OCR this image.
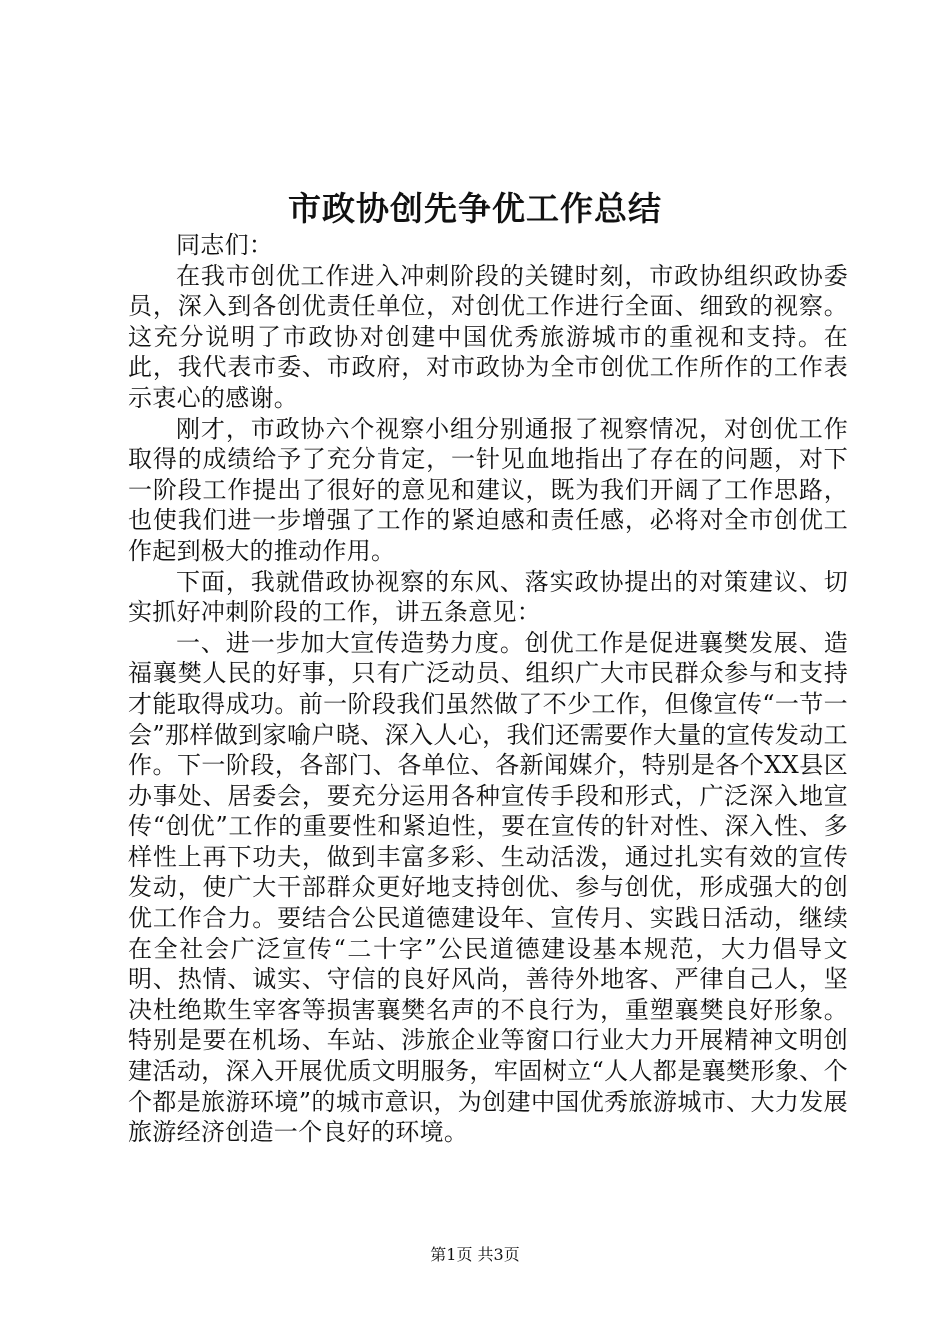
市政协创先争优工作总结

同志们：

在我市创优工作进入冲刺阶段的关键时刻，市政协组织政协委员，深入到各创优责任单位，对创优工作进行全面、细致的视察。这充分说明了市政协对创建中国优秀旅游城市的重视和支持。在此，我代表市委、市政府，对市政协为全市创优工作所作的工作表示衷心的感谢。

刚才，市政协六个视察小组分别通报了视察情况，对创优工作取得的成绩给予了充分肯定，一针见血地指出了存在的问题，对下一阶段工作提出了很好的意见和建议，既为我们开阔了工作思路，也使我们进一步增强了工作的紧迫感和责任感，必将对全市创优工作起到极大的推动作用。

下面，我就借政协视察的东风、落实政协提出的对策建议、切实抓好冲刺阶段的工作，讲五条意见：

一、进一步加大宣传造势力度。创优工作是促进襄樊发展、造福襄樊人民的好事，只有广泛动员、组织广大市民群众参与和支持才能取得成功。前一阶段我们虽然做了不少工作，但像宣传“一节一会”那样做到家喻户晓、深入人心，我们还需要作大量的宣传发动工作。下一阶段，各部门、各单位、各新闻媒介，特别是各个XX县区办事处、居委会，要充分运用各种宣传手段和形式，广泛深入地宣传“创优”工作的重要性和紧迫性，要在宣传的针对性、深入性、多样性上再下功夫，做到丰富多彩、生动活泼，通过扎实有效的宣传发动，使广大干部群众更好地支持创优、参与创优，形成强大的创优工作合力。要结合公民道德建设年、宣传月、实践日活动，继续在全社会广泛宣传“二十字”公民道德建设基本规范，大力倡导文明、热情、诚实、守信的良好风尚，善待外地客、严律自己人，坚决杜绝欺生宰客等损害襄樊名声的不良行为，重塑襄樊良好形象。特别是要在机场、车站、涉旅企业等窗口行业大力开展精神文明创建活动，深入开展优质文明服务，牢固树立“人人都是襄樊形象、个个都是旅游环境”的城市意识，为创建中国优秀旅游城市、大力发展旅游经济创造一个良好的环境。

第1页 共3页
